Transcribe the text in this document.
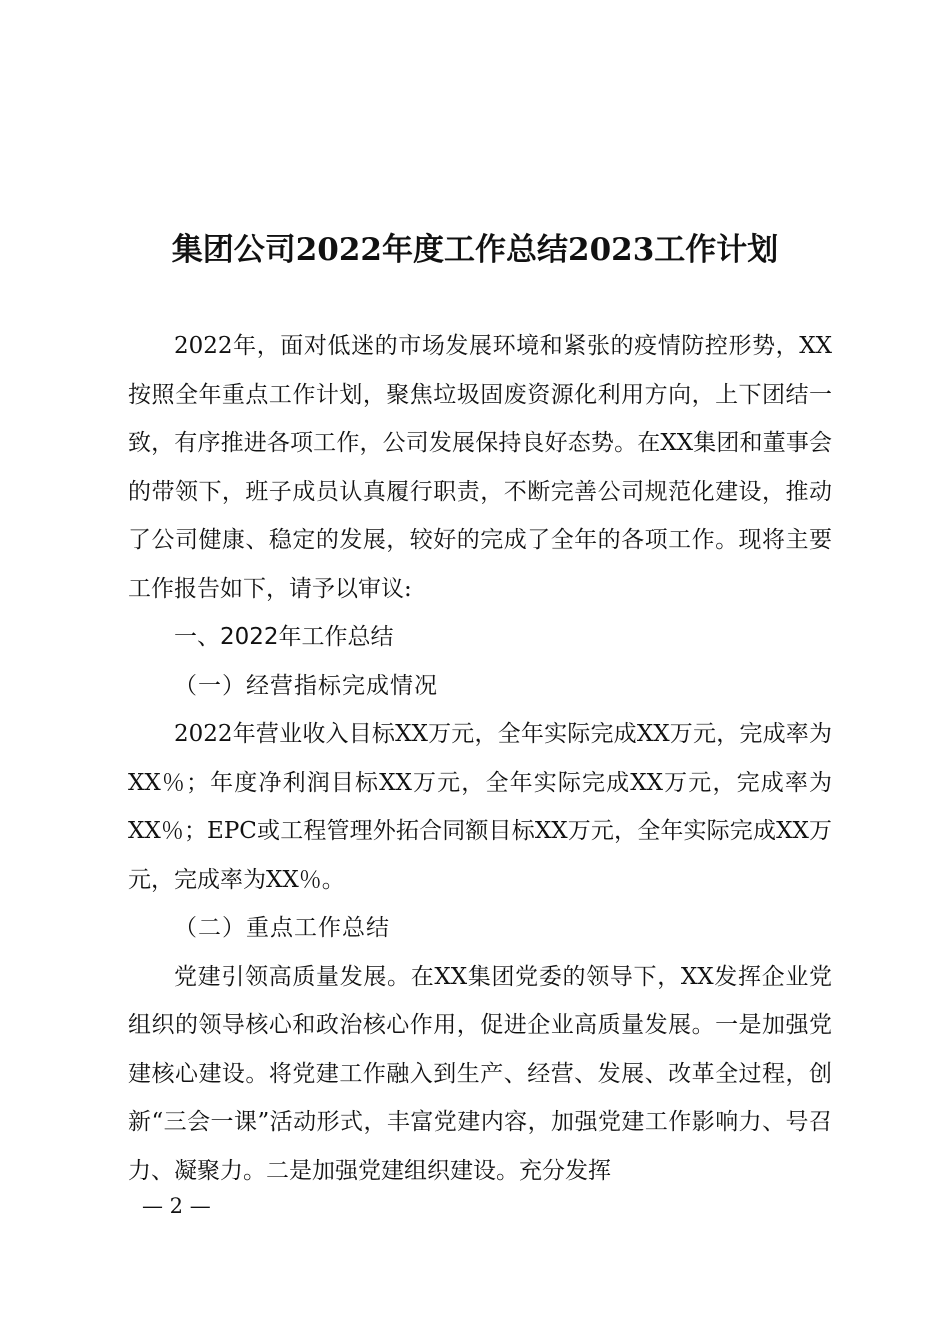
集团公司2022年度工作总结2023工作计划

2022年，面对低迷的市场发展环境和紧张的疫情防控形势，XX按照全年重点工作计划，聚焦垃圾固废资源化利用方向，上下团结一致，有序推进各项工作，公司发展保持良好态势。在XX集团和董事会的带领下，班子成员认真履行职责，不断完善公司规范化建设，推动了公司健康、稳定的发展，较好的完成了全年的各项工作。现将主要工作报告如下，请予以审议:

一、2022年工作总结

（一）经营指标完成情况

2022年营业收入目标XX万元，全年实际完成XX万元，完成率为XX％；年度净利润目标XX万元，全年实际完成XX万元，完成率为XX％；EPC或工程管理外拓合同额目标XX万元，全年实际完成XX万元，完成率为XX％。

（二）重点工作总结

党建引领高质量发展。在XX集团党委的领导下，XX发挥企业党组织的领导核心和政治核心作用，促进企业高质量发展。一是加强党建核心建设。将党建工作融入到生产、经营、发展、改革全过程，创新“三会一课”活动形式，丰富党建内容，加强党建工作影响力、号召力、凝聚力。二是加强党建组织建设。充分发挥

— 2 —
